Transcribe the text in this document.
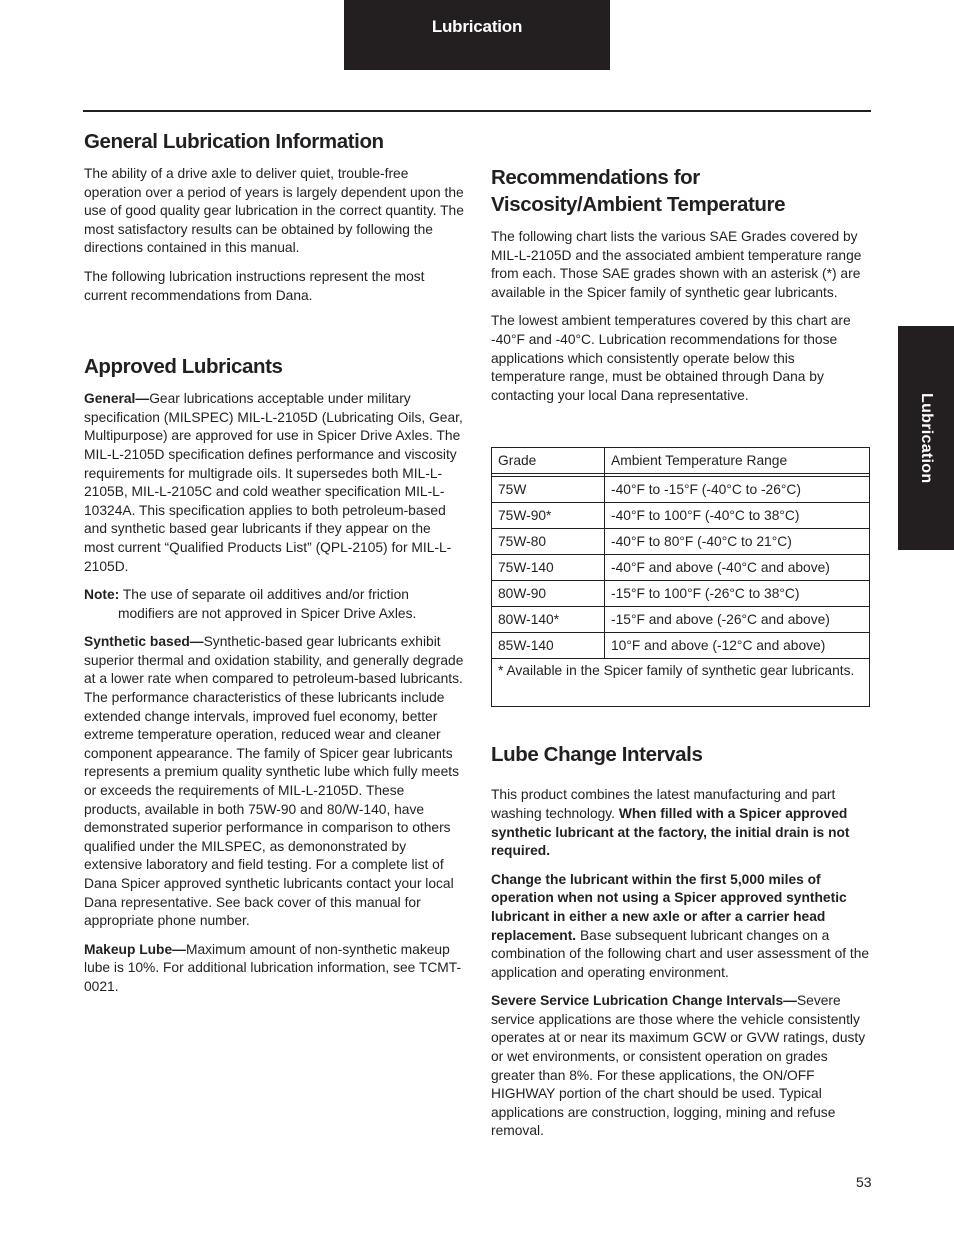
Lubrication
Lubrication
General Lubrication Information

The ability of a drive axle to deliver quiet, trouble-free operation over a period of years is largely dependent upon the use of good quality gear lubrication in the correct quantity. The most satisfactory results can be obtained by following the directions contained in this manual.

The following lubrication instructions represent the most current recommendations from Dana.

Approved Lubricants

General—Gear lubrications acceptable under military specification (MILSPEC) MIL-L-2105D (Lubricating Oils, Gear, Multipurpose) are approved for use in Spicer Drive Axles. The MIL-L-2105D specification defines performance and viscosity requirements for multigrade oils. It supersedes both MIL-L-2105B, MIL-L-2105C and cold weather specification MIL-L-10324A. This specification applies to both petroleum-based and synthetic based gear lubricants if they appear on the most current “Qualified Products List” (QPL-2105) for MIL-L-2105D.

Note: The use of separate oil additives and/or friction modifiers are not approved in Spicer Drive Axles.

Synthetic based—Synthetic-based gear lubricants exhibit superior thermal and oxidation stability, and generally degrade at a lower rate when compared to petroleum-based lubricants. The performance characteristics of these lubricants include extended change intervals, improved fuel economy, better extreme temperature operation, reduced wear and cleaner component appearance. The family of Spicer gear lubricants represents a premium quality synthetic lube which fully meets or exceeds the requirements of MIL-L-2105D. These products, available in both 75W-90 and 80/W-140, have demonstrated superior performance in comparison to others qualified under the MILSPEC, as demononstrated by extensive laboratory and field testing. For a complete list of Dana Spicer approved synthetic lubricants contact your local Dana representative. See back cover of this manual for appropriate phone number.

Makeup Lube—Maximum amount of non-synthetic makeup lube is 10%. For additional lubrication information, see TCMT-0021.

Recommendations for Viscosity/Ambient Temperature

The following chart lists the various SAE Grades covered by MIL-L-2105D and the associated ambient temperature range from each. Those SAE grades shown with an asterisk (*) are available in the Spicer family of synthetic gear lubricants.

The lowest ambient temperatures covered by this chart are -40°F and -40°C. Lubrication recommendations for those applications which consistently operate below this temperature range, must be obtained through Dana by contacting your local Dana representative.

Grade	Ambient Temperature Range

75W	-40°F to -15°F (-40°C to -26°C)
75W-90*	-40°F to 100°F (-40°C to 38°C)
75W-80	-40°F to 80°F (-40°C to 21°C)
75W-140	-40°F and above (-40°C and above)
80W-90	-15°F to 100°F (-26°C to 38°C)
80W-140*	-15°F and above (-26°C and above)
85W-140	10°F and above (-12°C and above)
* Available in the Spicer family of synthetic gear lubricants.	
Lube Change Intervals

This product combines the latest manufacturing and part washing technology. When filled with a Spicer approved synthetic lubricant at the factory, the initial drain is not required.

Change the lubricant within the first 5,000 miles of operation when not using a Spicer approved synthetic lubricant in either a new axle or after a carrier head replacement. Base subsequent lubricant changes on a combination of the following chart and user assessment of the application and operating environment.

Severe Service Lubrication Change Intervals—Severe service applications are those where the vehicle consistently operates at or near its maximum GCW or GVW ratings, dusty or wet environments, or consistent operation on grades greater than 8%. For these applications, the ON/OFF HIGHWAY portion of the chart should be used. Typical applications are construction, logging, mining and refuse removal.

53
